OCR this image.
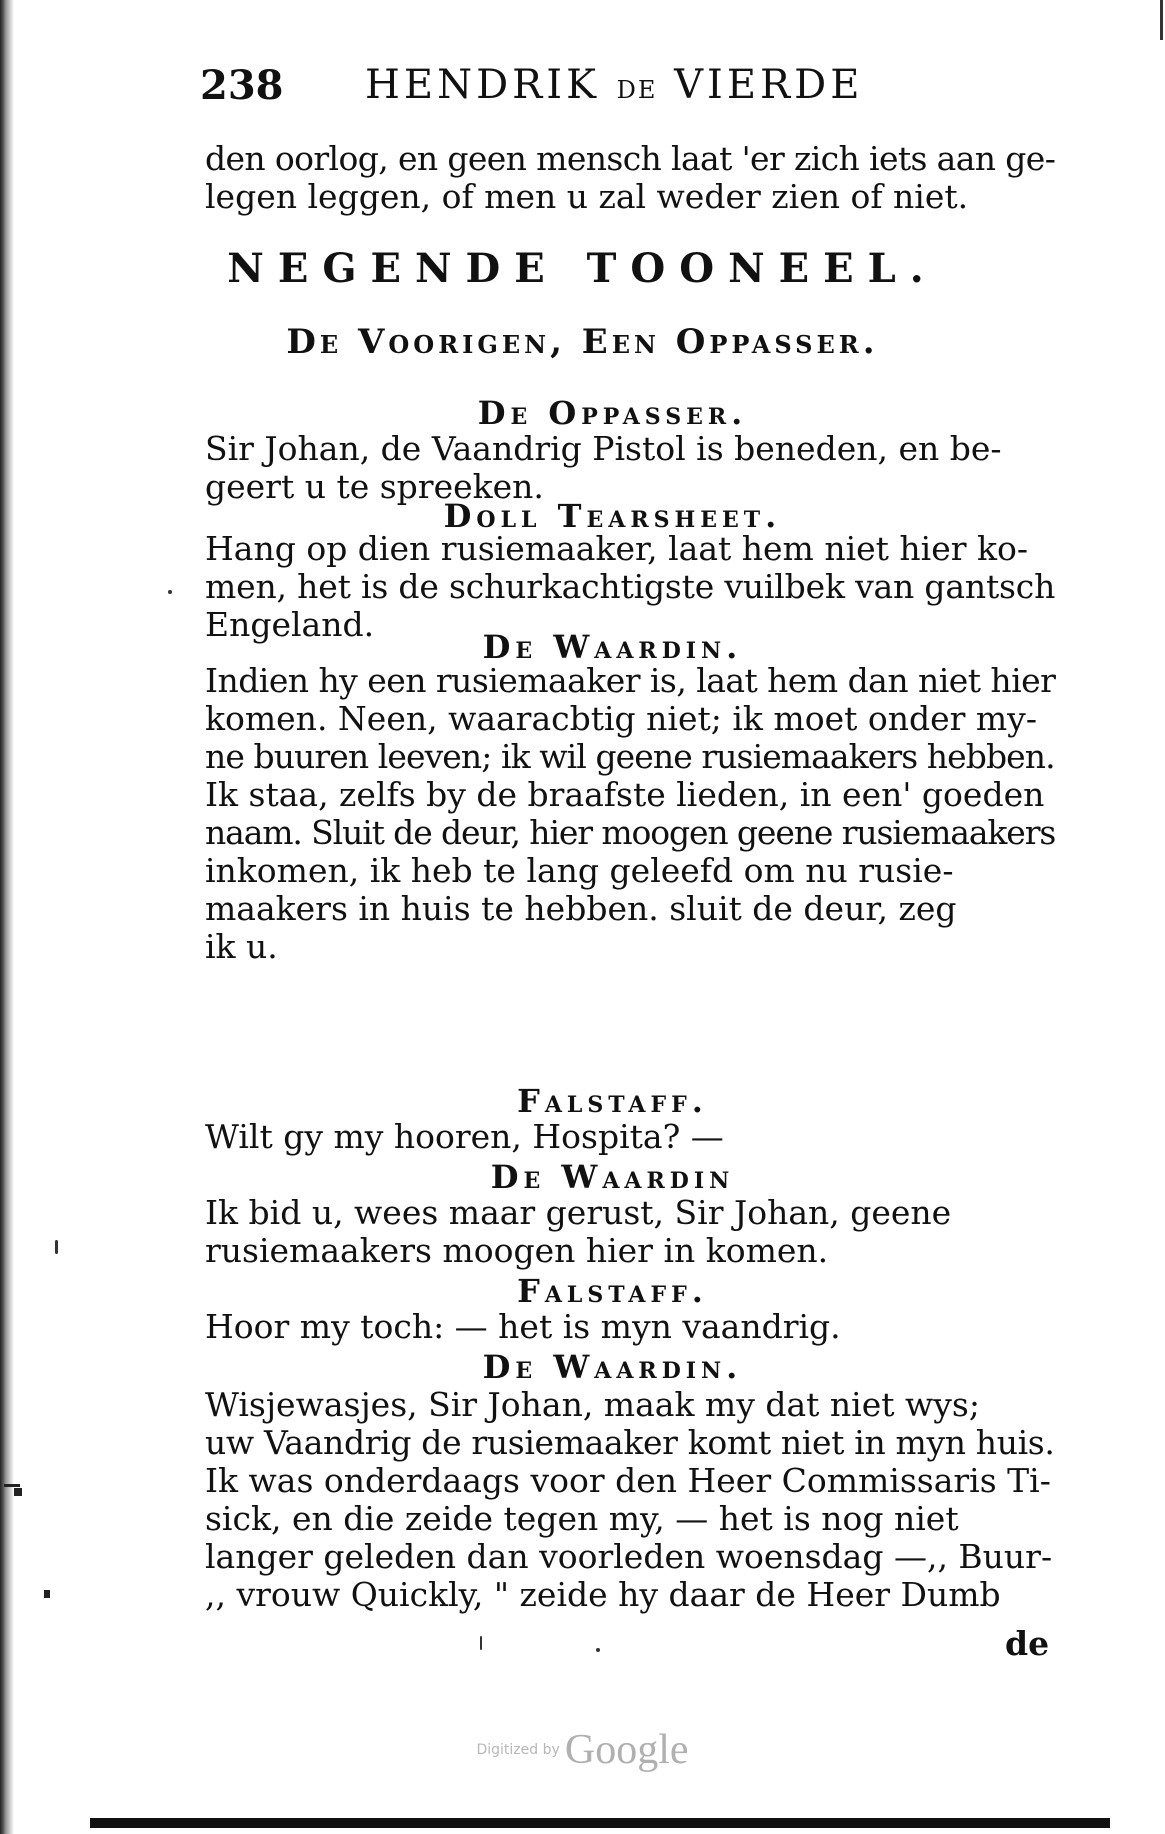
238 HENDRIK DE VIERDE
den oorlog, en geen mensch laat 'er zich iets aan ge-
legen leggen, of men u zal weder zien of niet.
NEGENDE TOONEEL.
De Voorigen, Een Oppasser.
De Oppasser.
Sir Johan, de Vaandrig Pistol is beneden, en be-
geert u te spreeken.
Doll Tearsheet.
Hang op dien rusiemaaker, laat hem niet hier ko-
men, het is de schurkachtigste vuilbek van gantsch
Engeland.
De Waardin.
Indien hy een rusiemaaker is, laat hem dan niet hier
komen. Neen, waaracbtig niet; ik moet onder my-
ne buuren leeven; ik wil geene rusiemaakers hebben.
Ik staa, zelfs by de braafste lieden, in een' goeden
naam. Sluit de deur, hier moogen geene rusiemaakers
inkomen, ik heb te lang geleefd om nu rusie-
maakers in huis te hebben. sluit de deur, zeg
ik u.
Falstaff.
Wilt gy my hooren, Hospita? —
De Waardin
Ik bid u, wees maar gerust, Sir Johan, geene
rusiemaakers moogen hier in komen.
Falstaff.
Hoor my toch: — het is myn vaandrig.
De Waardin.
Wisjewasjes, Sir Johan, maak my dat niet wys;
uw Vaandrig de rusiemaaker komt niet in myn huis.
Ik was onderdaags voor den Heer Commissaris Ti-
sick, en die zeide tegen my, — het is nog niet
langer geleden dan voorleden woensdag —,, Buur-
,, vrouw Quickly, " zeide hy daar de Heer Dumb
de
Digitized by Google
